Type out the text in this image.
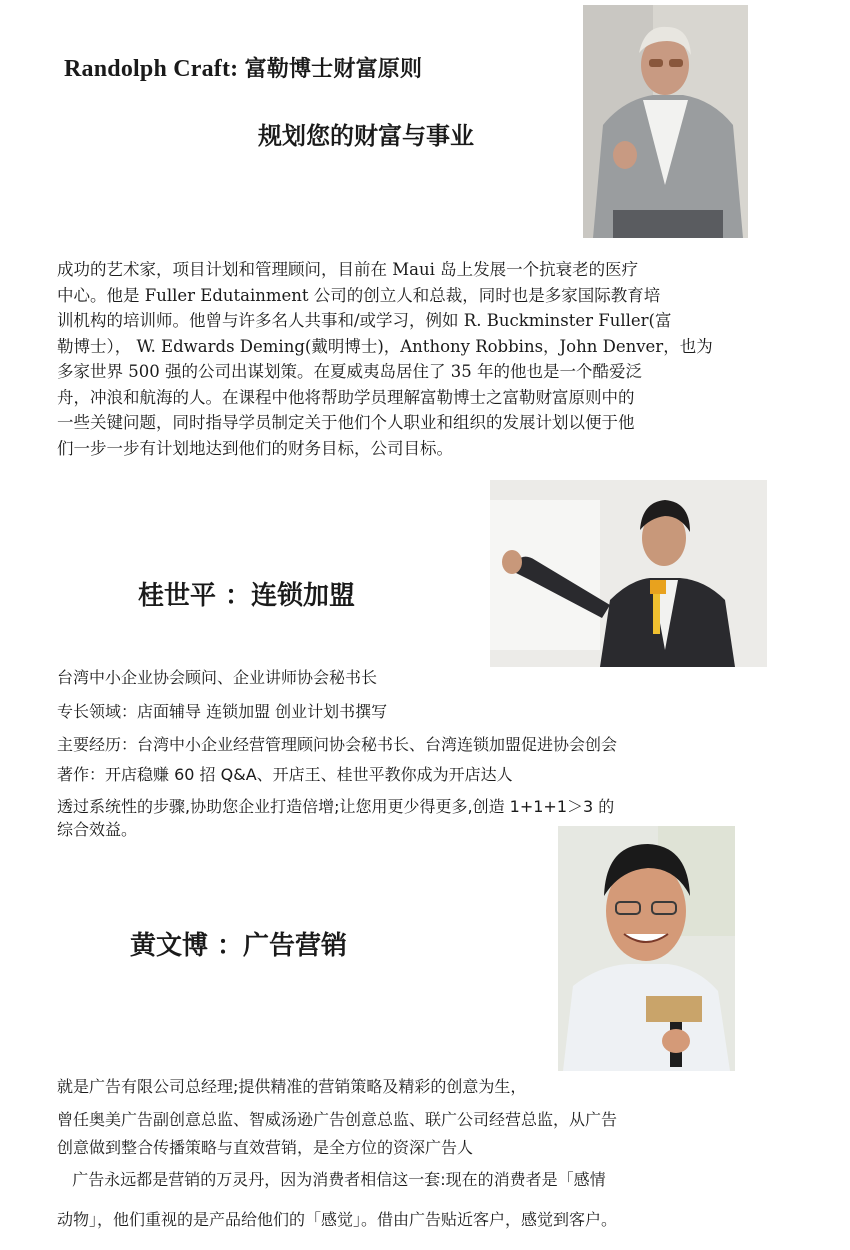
Randolph Craft: 富勒博士财富原则
规划您的财富与事业
成功的艺术家，项目计划和管理顾问，目前在 Maui 岛上发展一个抗衰老的医疗
中心。他是 Fuller Edutainment 公司的创立人和总裁，同时也是多家国际教育培
训机构的培训师。他曾与许多名人共事和/或学习，例如 R. Buckminster Fuller(富
勒博士）， W. Edwards Deming(戴明博士)，Anthony Robbins，John Denver，也为
多家世界 500 强的公司出谋划策。在夏威夷岛居住了 35 年的他也是一个酷爱泛
舟，冲浪和航海的人。在课程中他将帮助学员理解富勒博士之富勒财富原则中的
一些关键问题，同时指导学员制定关于他们个人职业和组织的发展计划以便于他
们一步一步有计划地达到他们的财务目标，公司目标。
桂世平 ：连锁加盟
台湾中小企业协会顾问、企业讲师协会秘书长
专长领域：店面辅导 连锁加盟 创业计划书撰写
主要经历：台湾中小企业经营管理顾问协会秘书长、台湾连锁加盟促进协会创会
著作：开店稳赚 60 招 Q&A、开店王、桂世平教你成为开店达人
透过系统性的步骤,协助您企业打造倍增;让您用更少得更多,创造 1+1+1＞3 的
综合效益。
黄文博 ：广告营销
就是广告有限公司总经理;提供精准的营销策略及精彩的创意为生，
曾任奥美广告副创意总监、智威汤逊广告创意总监、联广公司经营总监，从广告
创意做到整合传播策略与直效营销，是全方位的资深广告人
广告永远都是营销的万灵丹，因为消费者相信这一套:现在的消费者是「感情
动物」，他们重视的是产品给他们的「感觉」。借由广告贴近客户，感觉到客户。
